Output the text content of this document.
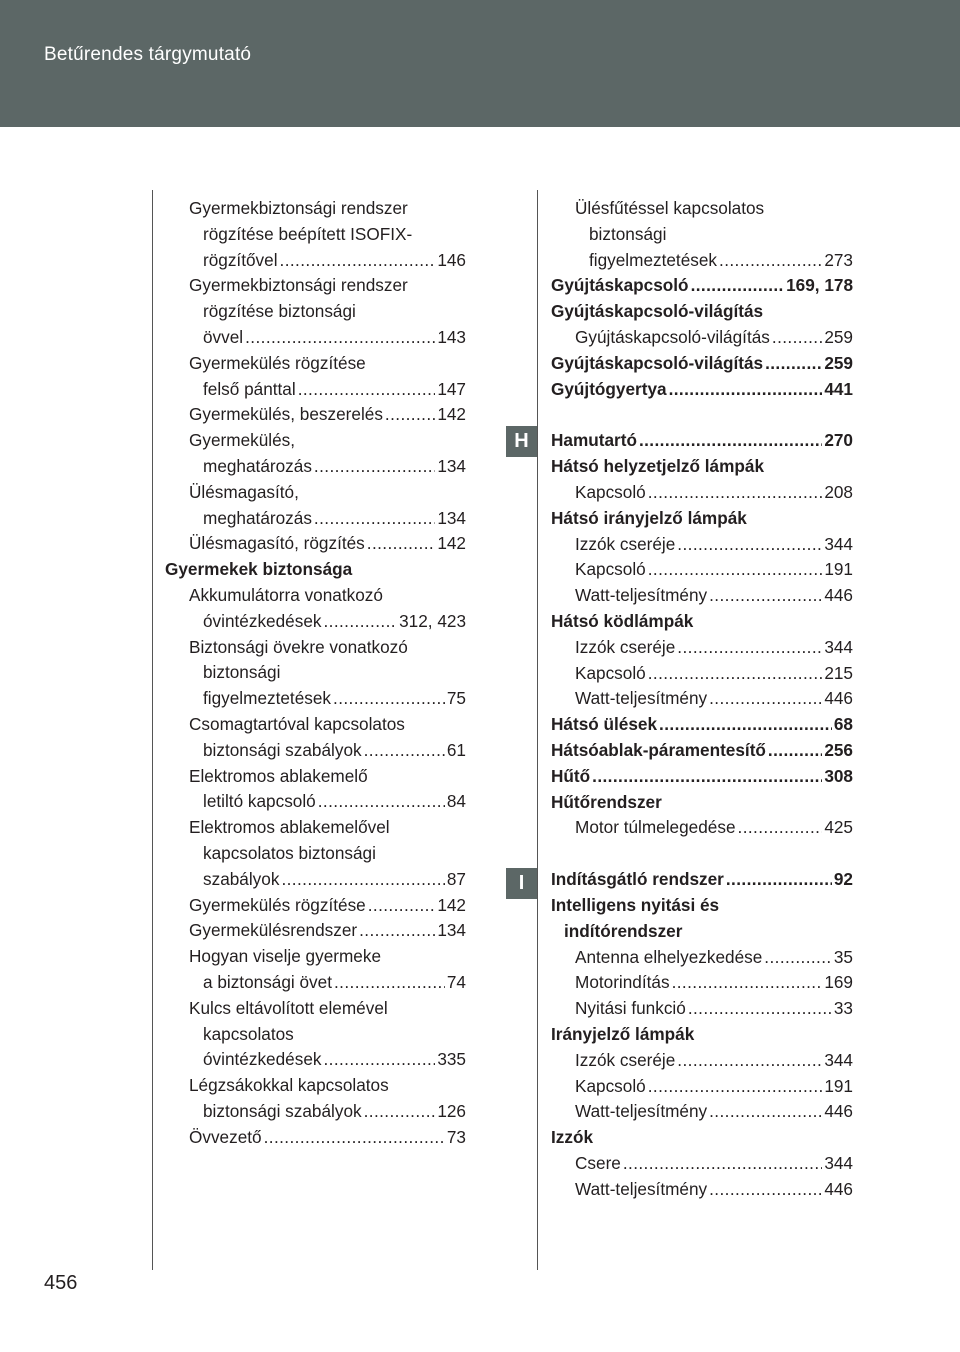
Betűrendes tárgymutató
Gyermekbiztonsági rendszer
rögzítése beépített ISOFIX-
rögzítővel .....	146
Gyermekbiztonsági rendszer
rögzítése biztonsági
övvel .....	143
Gyermekülés rögzítése
felső pánttal .....	147
Gyermekülés, beszerelés .....	142
Gyermekülés,
meghatározás .....	134
Ülésmagasító,
meghatározás .....	134
Ülésmagasító, rögzítés .....	142
Gyermekek biztonsága
Akkumulátorra vonatkozó
óvintézkedések .....	312, 423
Biztonsági övekre vonatkozó
biztonsági
figyelmeztetések .....	75
Csomagtartóval kapcsolatos
biztonsági szabályok .....	61
Elektromos ablakemelő
letiltó kapcsoló .....	84
Elektromos ablakemelővel
kapcsolatos biztonsági
szabályok .....	87
Gyermekülés rögzítése .....	142
Gyermekülésrendszer .....	134
Hogyan viselje gyermeke
a biztonsági övet .....	74
Kulcs eltávolított elemével
kapcsolatos
óvintézkedések .....	335
Légzsákokkal kapcsolatos
biztonsági szabályok .....	126
Övvezető .....	73
Ülésfűtéssel kapcsolatos
biztonsági
figyelmeztetések .....	273
Gyújtáskapcsoló .....	169, 178
Gyújtáskapcsoló-világítás
Gyújtáskapcsoló-világítás .....	259
Gyújtáskapcsoló-világítás .....	259
Gyújtógyertya .....	441
Hamutartó .....	270
Hátsó helyzetjelző lámpák
Kapcsoló .....	208
Hátsó irányjelző lámpák
Izzók cseréje .....	344
Kapcsoló .....	191
Watt-teljesítmény .....	446
Hátsó ködlámpák
Izzók cseréje .....	344
Kapcsoló .....	215
Watt-teljesítmény .....	446
Hátsó ülések .....	68
Hátsóablak-páramentesítő .....	256
Hűtő .....	308
Hűtőrendszer
Motor túlmelegedése .....	425
Indításgátló rendszer .....	92
Intelligens nyitási és
indítórendszer
Antenna elhelyezkedése .....	35
Motorindítás .....	169
Nyitási funkció .....	33
Irányjelző lámpák
Izzók cseréje .....	344
Kapcsoló .....	191
Watt-teljesítmény .....	446
Izzók
Csere .....	344
Watt-teljesítmény .....	446
H
I
456
